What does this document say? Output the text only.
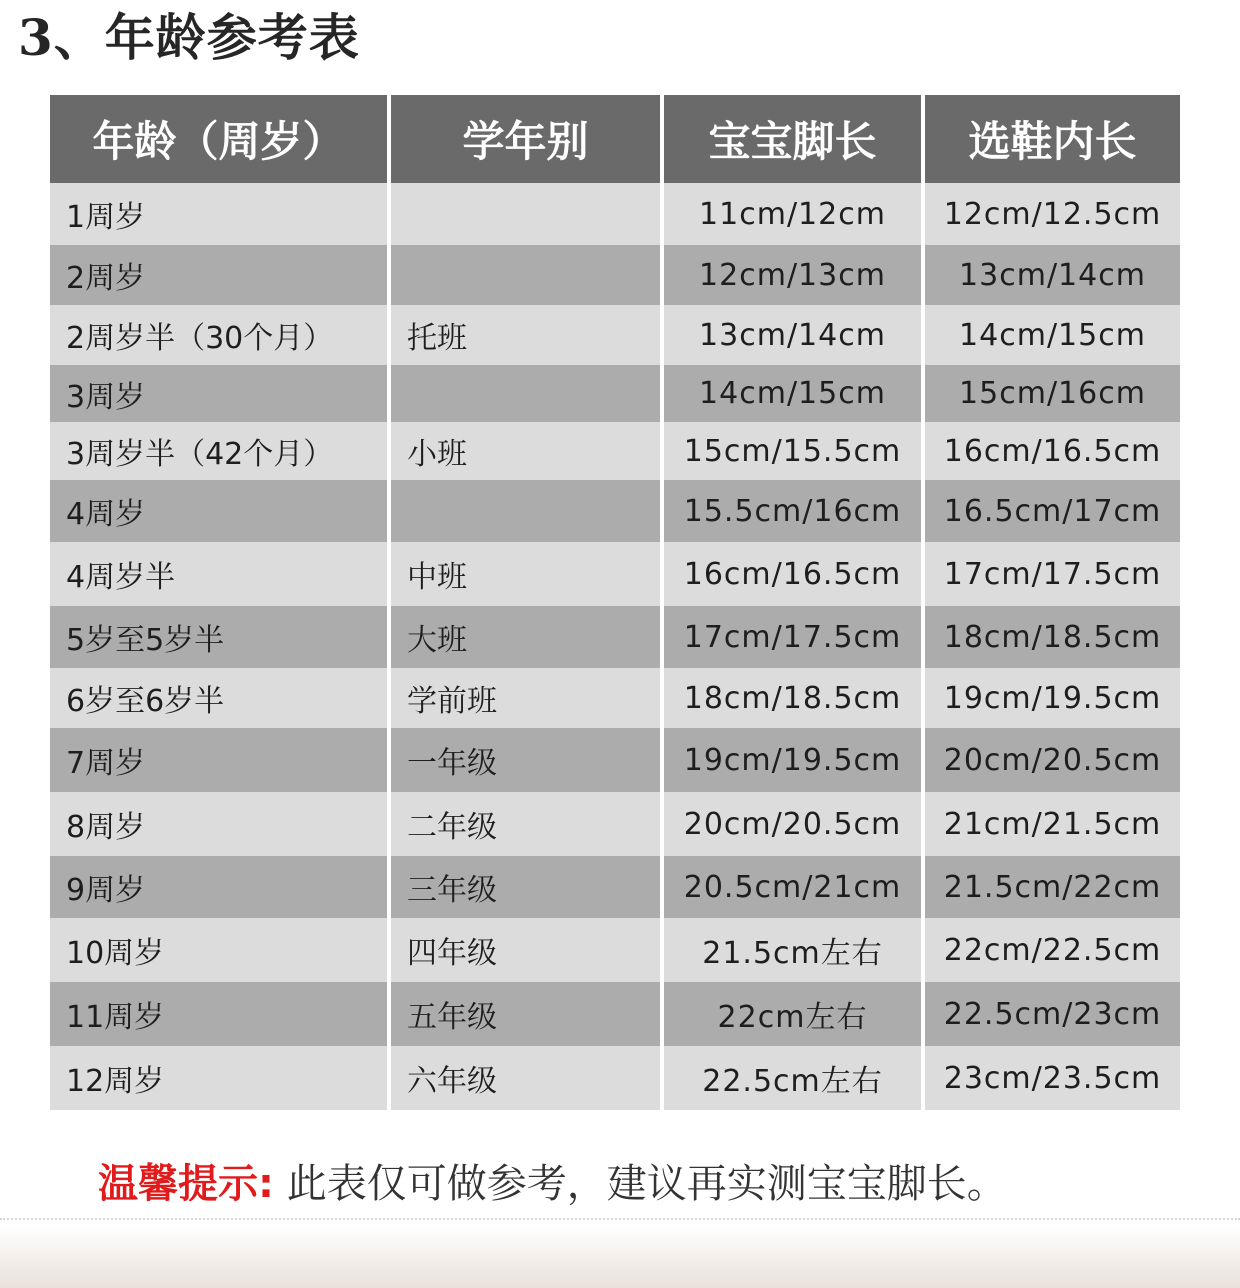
3、年龄参考表
年龄（周岁）	学年别	宝宝脚长	选鞋内长
1周岁		11cm/12cm	12cm/12.5cm
2周岁		12cm/13cm	13cm/14cm
2周岁半（30个月）	托班	13cm/14cm	14cm/15cm
3周岁		14cm/15cm	15cm/16cm
3周岁半（42个月）	小班	15cm/15.5cm	16cm/16.5cm
4周岁		15.5cm/16cm	16.5cm/17cm
4周岁半	中班	16cm/16.5cm	17cm/17.5cm
5岁至5岁半	大班	17cm/17.5cm	18cm/18.5cm
6岁至6岁半	学前班	18cm/18.5cm	19cm/19.5cm
7周岁	一年级	19cm/19.5cm	20cm/20.5cm
8周岁	二年级	20cm/20.5cm	21cm/21.5cm
9周岁	三年级	20.5cm/21cm	21.5cm/22cm
10周岁	四年级	21.5cm左右	22cm/22.5cm
11周岁	五年级	22cm左右	22.5cm/23cm
12周岁	六年级	22.5cm左右	23cm/23.5cm
温馨提示: 此表仅可做参考，建议再实测宝宝脚长。
